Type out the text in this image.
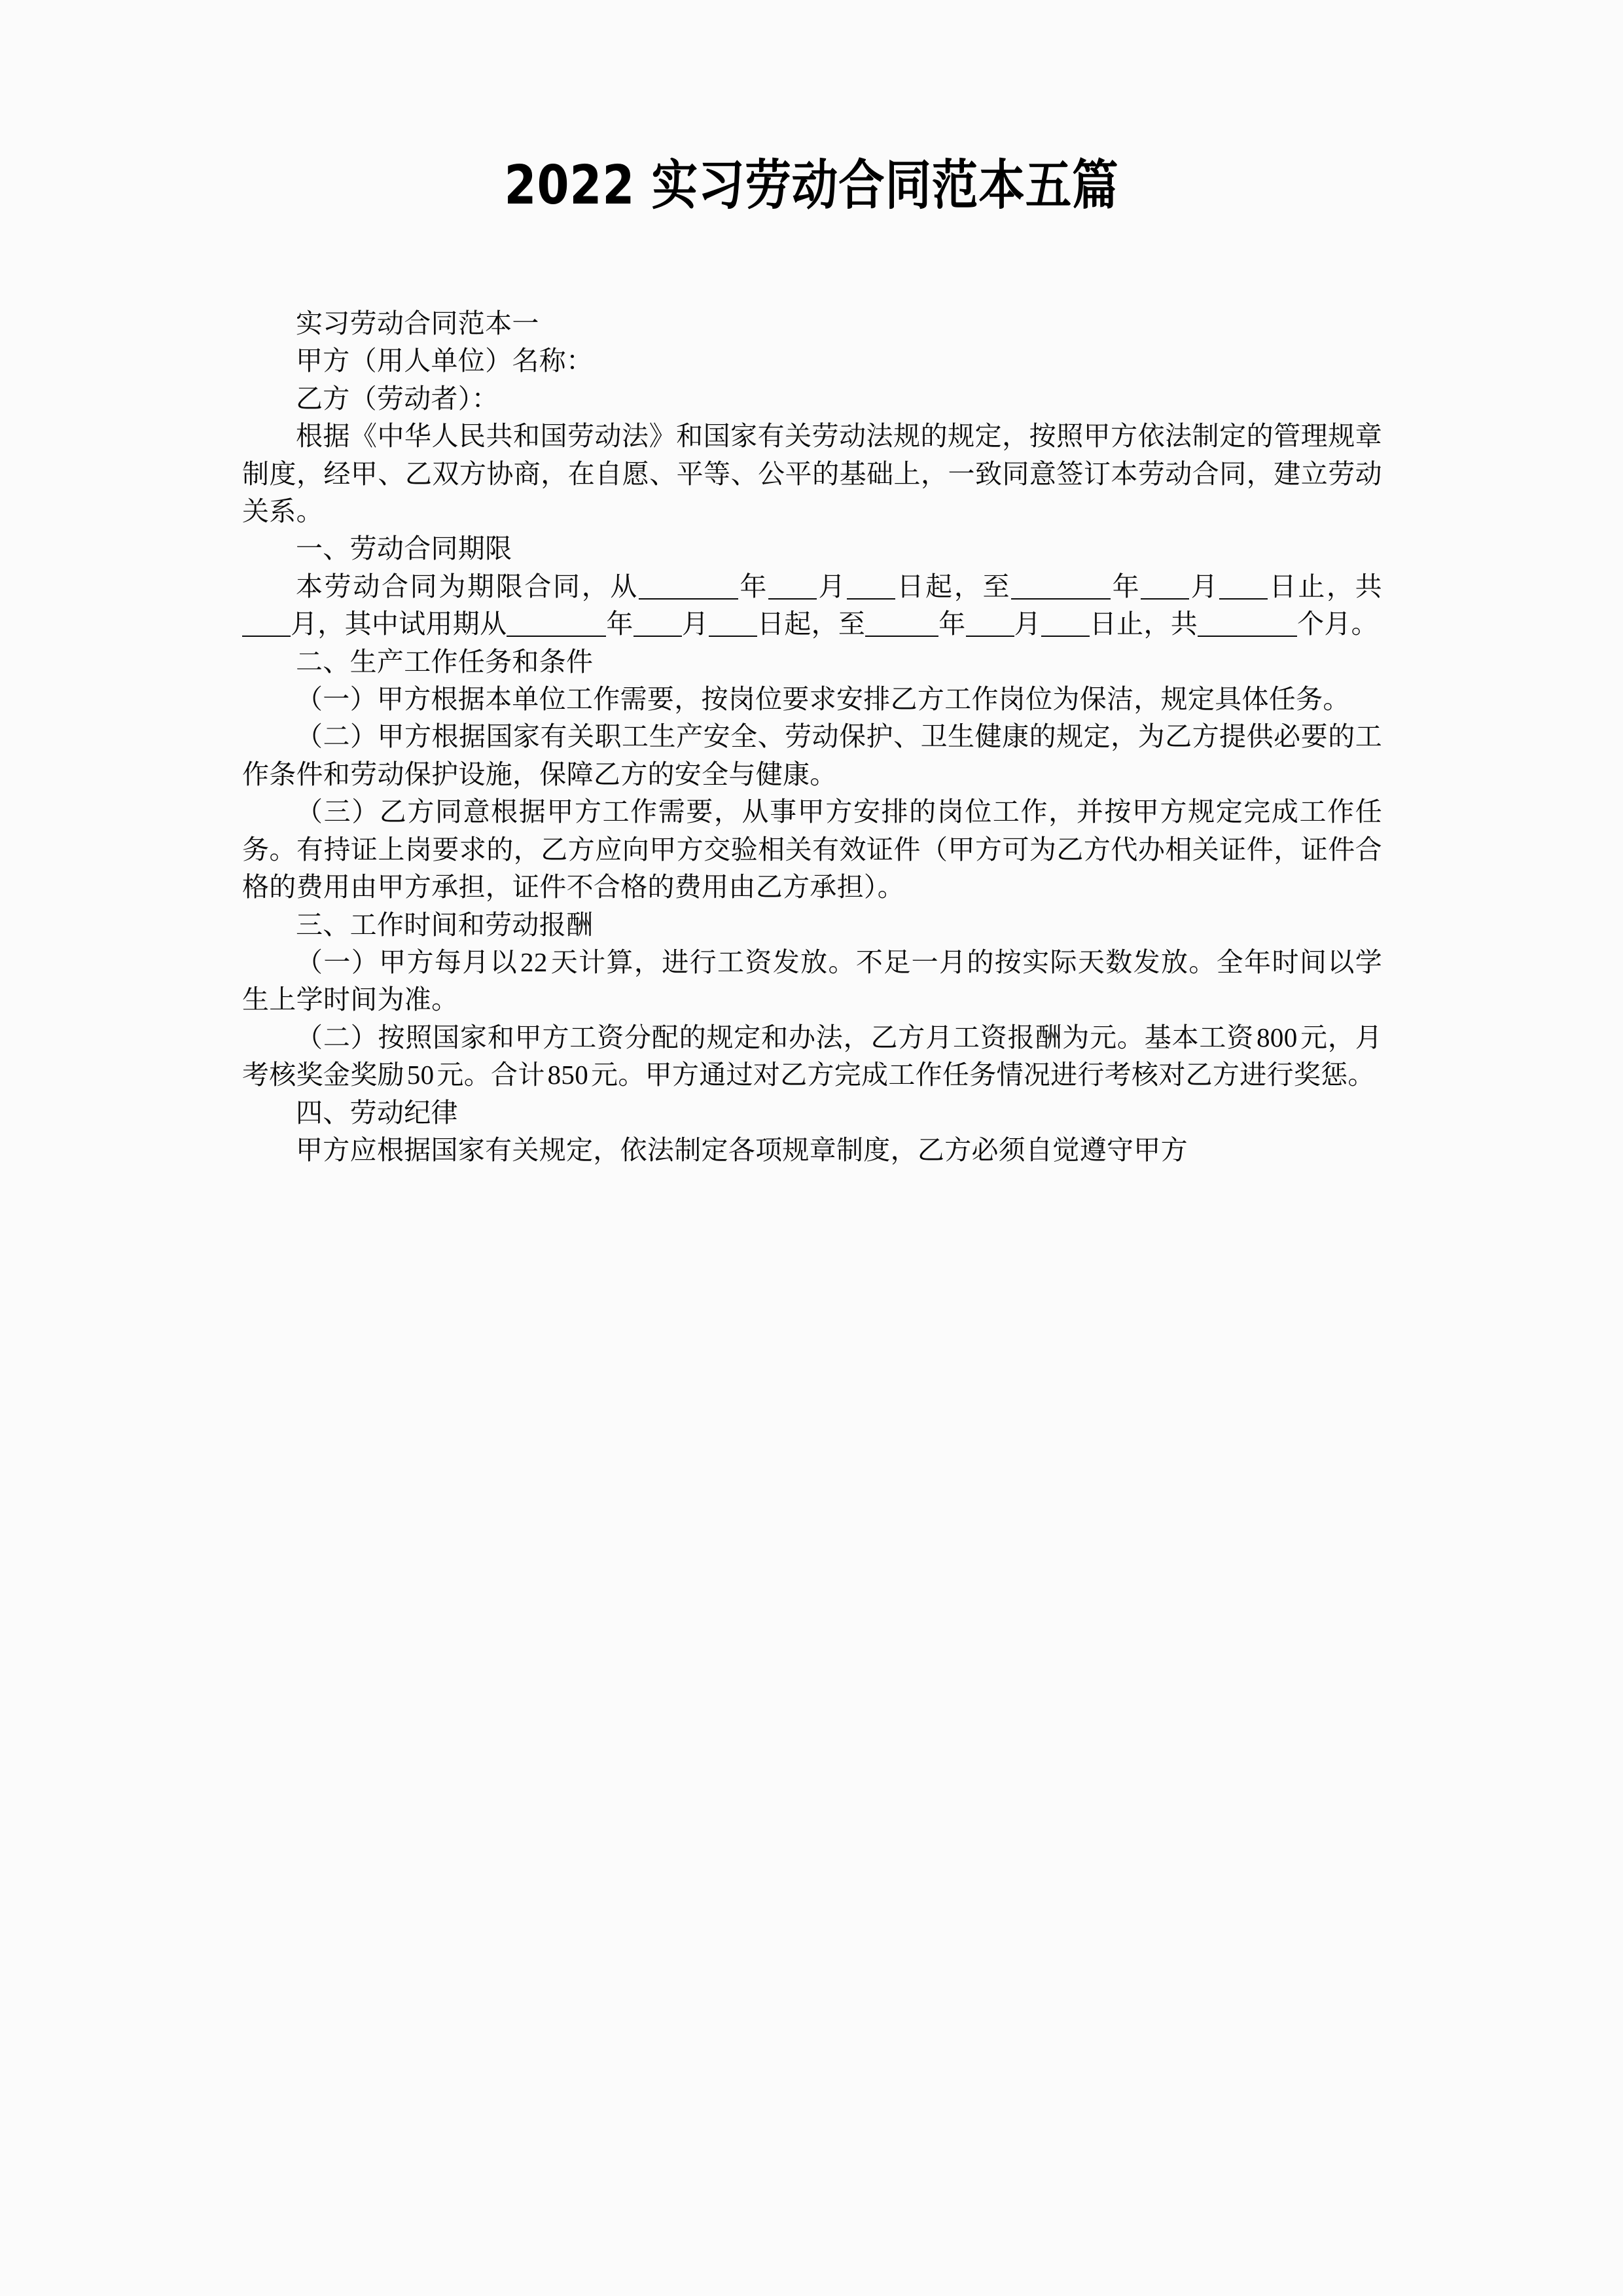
2022 实习劳动合同范本五篇

实习劳动合同范本一

甲方（用人单位）名称：

乙方（劳动者）：

根据《中华人民共和国劳动法》和国家有关劳动法规的规定，按照甲方依法制定的管理规章制度，经甲、乙双方协商，在自愿、平等、公平的基础上，一致同意签订本劳动合同，建立劳动关系。

一、劳动合同期限

本劳动合同为期限合同，从	年 月 日起，至	年 月 日止，共月，其中试用期从	年 月 日起，至	年 月 日止，共	个月。

二、生产工作任务和条件

（一）甲方根据本单位工作需要，按岗位要求安排乙方工作岗位为保洁，规定具体任务。

（二）甲方根据国家有关职工生产安全、劳动保护、卫生健康的规定，为乙方提供必要的工作条件和劳动保护设施，保障乙方的安全与健康。

（三）乙方同意根据甲方工作需要，从事甲方安排的岗位工作，并按甲方规定完成工作任务。有持证上岗要求的，乙方应向甲方交验相关有效证件（甲方可为乙方代办相关证件，证件合格的费用由甲方承担，证件不合格的费用由乙方承担）。

三、工作时间和劳动报酬

（一）甲方每月以22天计算，进行工资发放。不足一月的按实际天数发放。全年时间以学生上学时间为准。

（二）按照国家和甲方工资分配的规定和办法，乙方月工资报酬为元。基本工资800元，月考核奖金奖励50元。合计850元。甲方通过对乙方完成工作任务情况进行考核对乙方进行奖惩。

四、劳动纪律

甲方应根据国家有关规定，依法制定各项规章制度，乙方必须自觉遵守甲方
